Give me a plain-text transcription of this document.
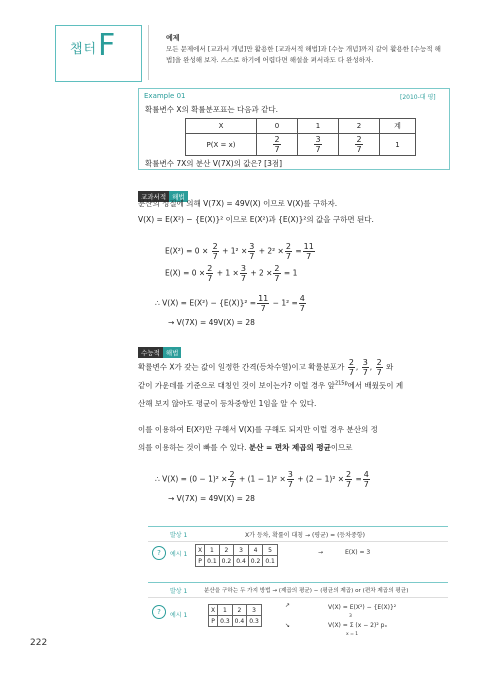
챕터 F	예제
모든 문제에서 [교과서 개념]만 활용한 [교과서적 해법]과 [수능 개념]까지 같이 활용한 [수능적 해법]을 완성해 보자. 스스로 하기에 어렵다면 해설을 펴서라도 다 완성하자.
Example 01	[2010-대 평]
확률변수 X의 확률분포표는 다음과 같다.
X	0	1	2	계
P(X = x)	$\frac{2}{7}$	$\frac{3}{7}$	$\frac{2}{7}$	1
확률변수 7X의 분산 V(7X)의 값은? [3점]
교과서적 해법
분산의 성질에 의해 V(7X) = 49V(X) 이므로 V(X)를 구하자.
V(X) = E(X²) − {E(X)}² 이므로 E(X²)과 {E(X)}²의 값을 구하면 된다.
$E(X^2) = 0 \times \frac{2}{7} + 1^2 \times \frac{3}{7} + 2^2 \times \frac{2}{7} = \frac{11}{7}$
$E(X) = 0 \times \frac{2}{7} + 1 \times \frac{3}{7} + 2 \times \frac{2}{7} = 1$
∴ $V(X) = E(X^2) - \{E(X)\}^2 = \frac{11}{7} - 1^2 = \frac{4}{7}$
→ V(7X) = 49V(X) = 28
수능적 해법
확률변수 X가 갖는 값이 일정한 간격(등차수열)이고 확률분포가 $\frac{2}{7}$ , $\frac{3}{7}$ , $\frac{2}{7}$ 와
같이 가운데를 기준으로 대칭인 것이 보이는가? 이럴 경우 앞$^{215p}$에서 배웠듯이 계
산해 보지 않아도 평균이 등차중항인 1임을 알 수 있다.
이를 이용하여 E(X²)만 구해서 V(X)를 구해도 되지만 이럴 경우 분산의 정
의를 이용하는 것이 빠를 수 있다. 분산 = 편차 제곱의 평균이므로
∴ $V(X) = (0 - 1)^2 \times \frac{2}{7} + (1 - 1)^2 \times \frac{3}{7} + (2 - 1)^2 \times \frac{2}{7} = \frac{4}{7}$
→ V(7X) = 49V(X) = 28
발상 1	X가 등차, 확률이 대칭 → (평균) = (등차중항)
?	예시 1
X	1	2	3	4	5
P	0.1	0.2	0.4	0.2	0.1
→	E(X) = 3
발상 1	분산을 구하는 두 가지 방법 → (제곱의 평균) − (평균의 제곱) or (편차 제곱의 평균)
?	예시 1
X	1	2	3
P	0.3	0.4	0.3
↗
↘
V(X) = E(X²) − {E(X)}²
V(X) = Σ (x − 2)² pₓ
3
x = 1
222
